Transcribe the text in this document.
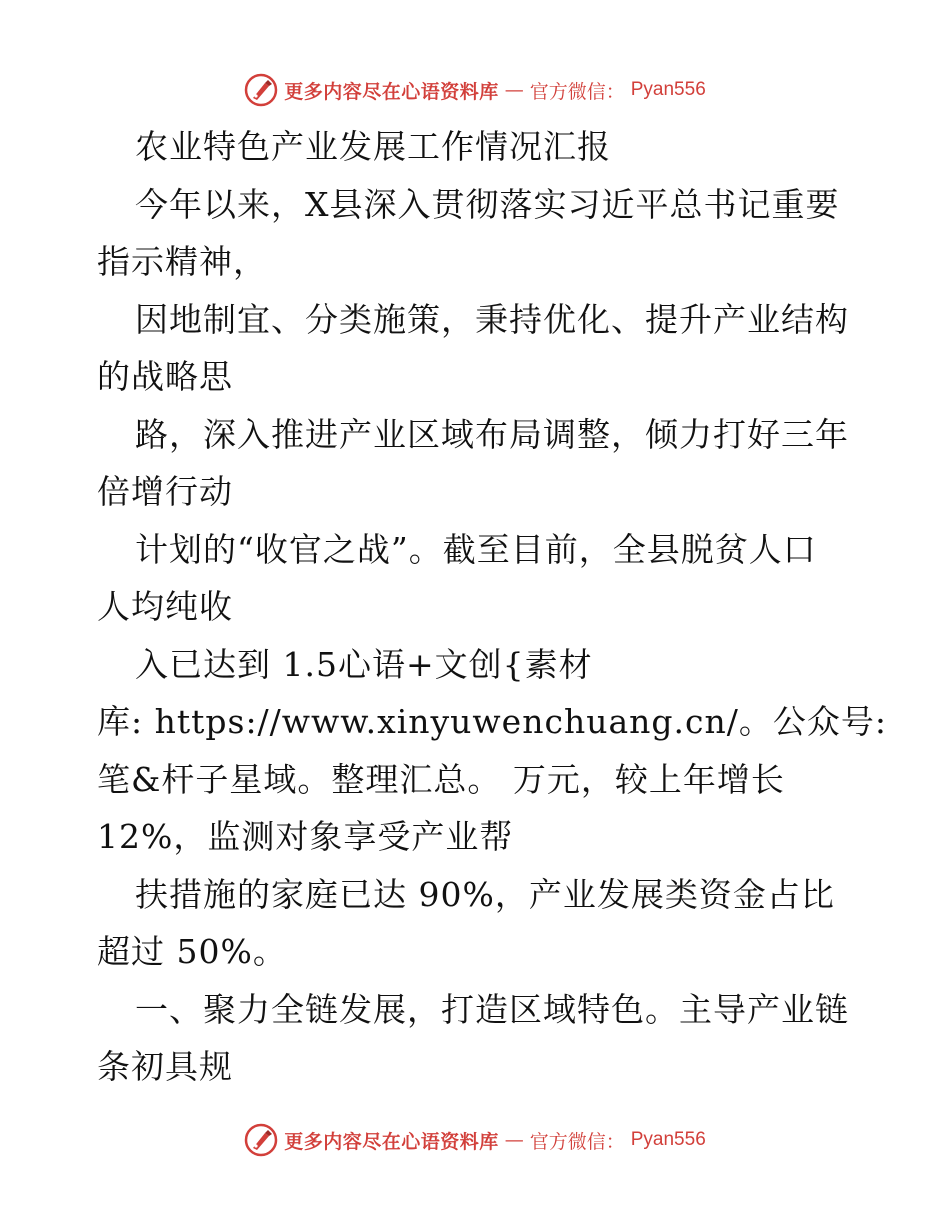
更多内容尽在心语资料库 — 官方微信： Pyan556
农业特色产业发展工作情况汇报
今年以来，X县深入贯彻落实习近平总书记重要
指示精神，
因地制宜、分类施策，秉持优化、提升产业结构
的战略思
路，深入推进产业区域布局调整，倾力打好三年
倍增行动
计划的“收官之战”。截至目前，全县脱贫人口
人均纯收
入已达到 1.5心语+文创{素材
库: https://www.xinyuwenchuang.cn/。公众号:
笔&杆子星域。整理汇总。 万元，较上年增长
12%，监测对象享受产业帮
扶措施的家庭已达 90%，产业发展类资金占比
超过 50%。
一、聚力全链发展，打造区域特色。主导产业链
条初具规
更多内容尽在心语资料库 — 官方微信： Pyan556
